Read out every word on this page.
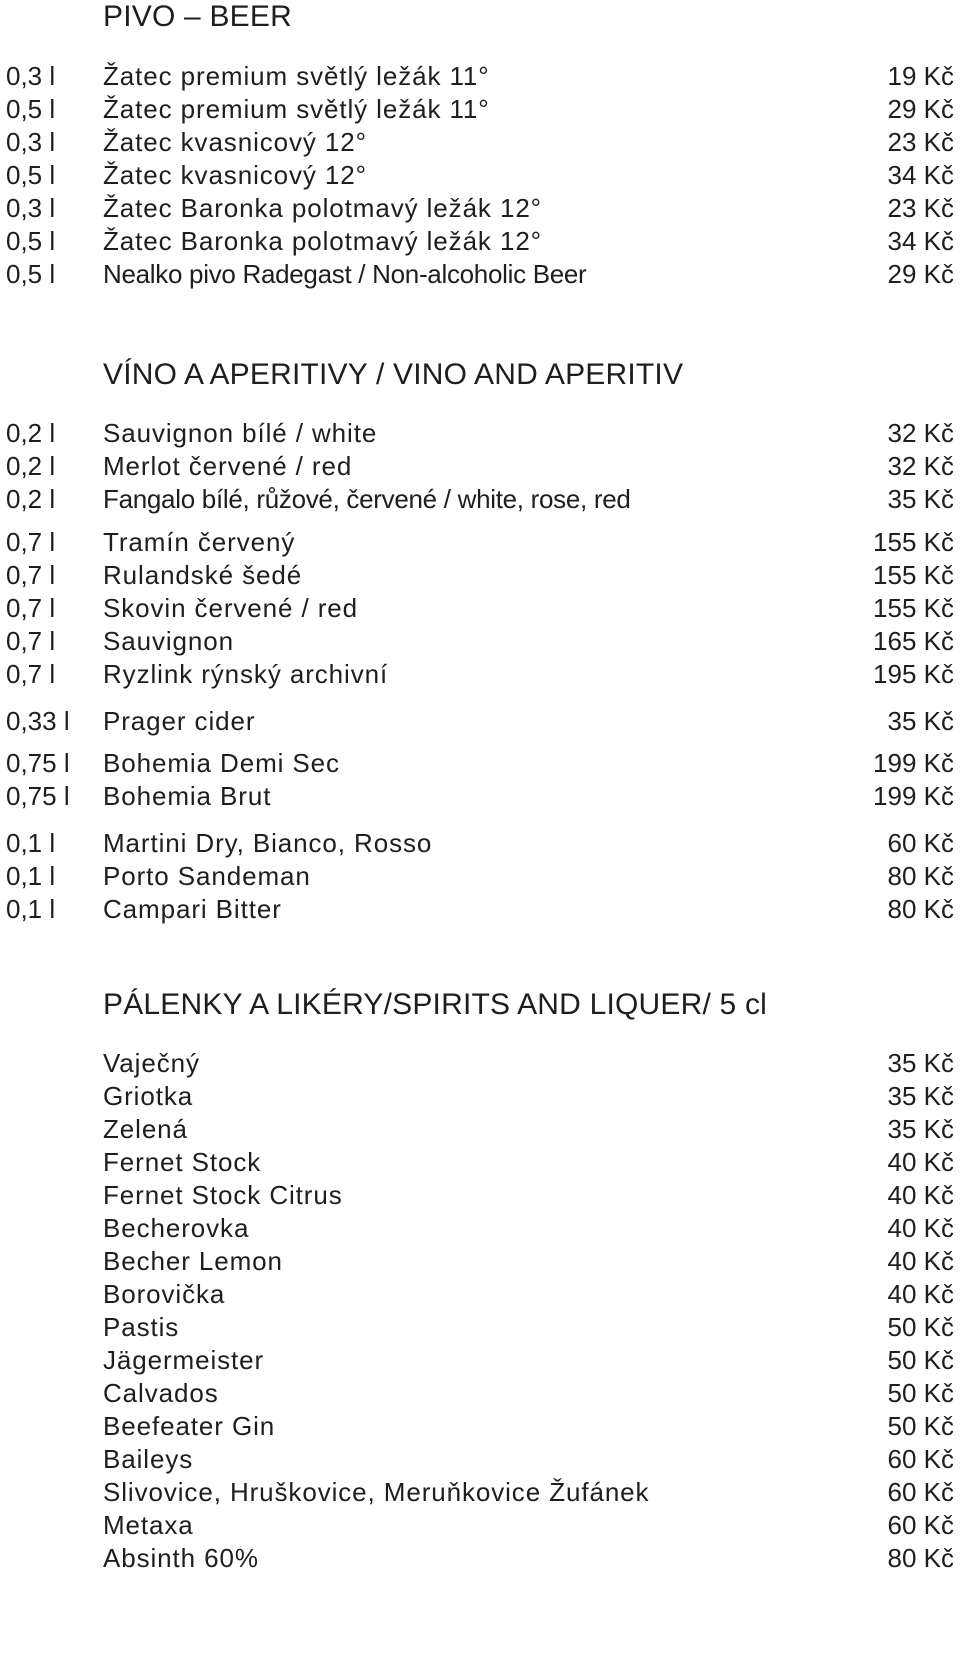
PIVO – BEER
0,3 l Žatec premium světlý ležák 11°	19 Kč
0,5 l Žatec premium světlý ležák 11°	29 Kč
0,3 l Žatec kvasnicový 12°	23 Kč
0,5 l Žatec kvasnicový 12°	34 Kč
0,3 l Žatec Baronka polotmavý ležák 12°	23 Kč
0,5 l Žatec Baronka polotmavý ležák 12°	34 Kč
0,5 l Nealko pivo Radegast / Non-alcoholic Beer	29 Kč
VÍNO A APERITIVY / VINO AND APERITIV
0,2 l Sauvignon bílé / white	32 Kč
0,2 l Merlot červené / red	32 Kč
0,2 l Fangalo bílé, růžové, červené / white, rose, red	35 Kč
0,7 l Tramín červený	155 Kč
0,7 l Rulandské šedé	155 Kč
0,7 l Skovin červené / red	155 Kč
0,7 l Sauvignon	165 Kč
0,7 l Ryzlink rýnský archivní	195 Kč
0,33 l Prager cider	35 Kč
0,75 l Bohemia Demi Sec	199 Kč
0,75 l Bohemia Brut	199 Kč
0,1 l Martini Dry, Bianco, Rosso	60 Kč
0,1 l Porto Sandeman	80 Kč
0,1 l Campari Bitter	80 Kč
PÁLENKY A LIKÉRY/SPIRITS AND LIQUER/ 5 cl
Vaječný	35 Kč
Griotka	35 Kč
Zelená	35 Kč
Fernet Stock	40 Kč
Fernet Stock Citrus	40 Kč
Becherovka	40 Kč
Becher Lemon	40 Kč
Borovička	40 Kč
Pastis	50 Kč
Jägermeister	50 Kč
Calvados	50 Kč
Beefeater Gin	50 Kč
Baileys	60 Kč
Slivovice, Hruškovice, Meruňkovice Žufánek	60 Kč
Metaxa	60 Kč
Absinth 60%	80 Kč
